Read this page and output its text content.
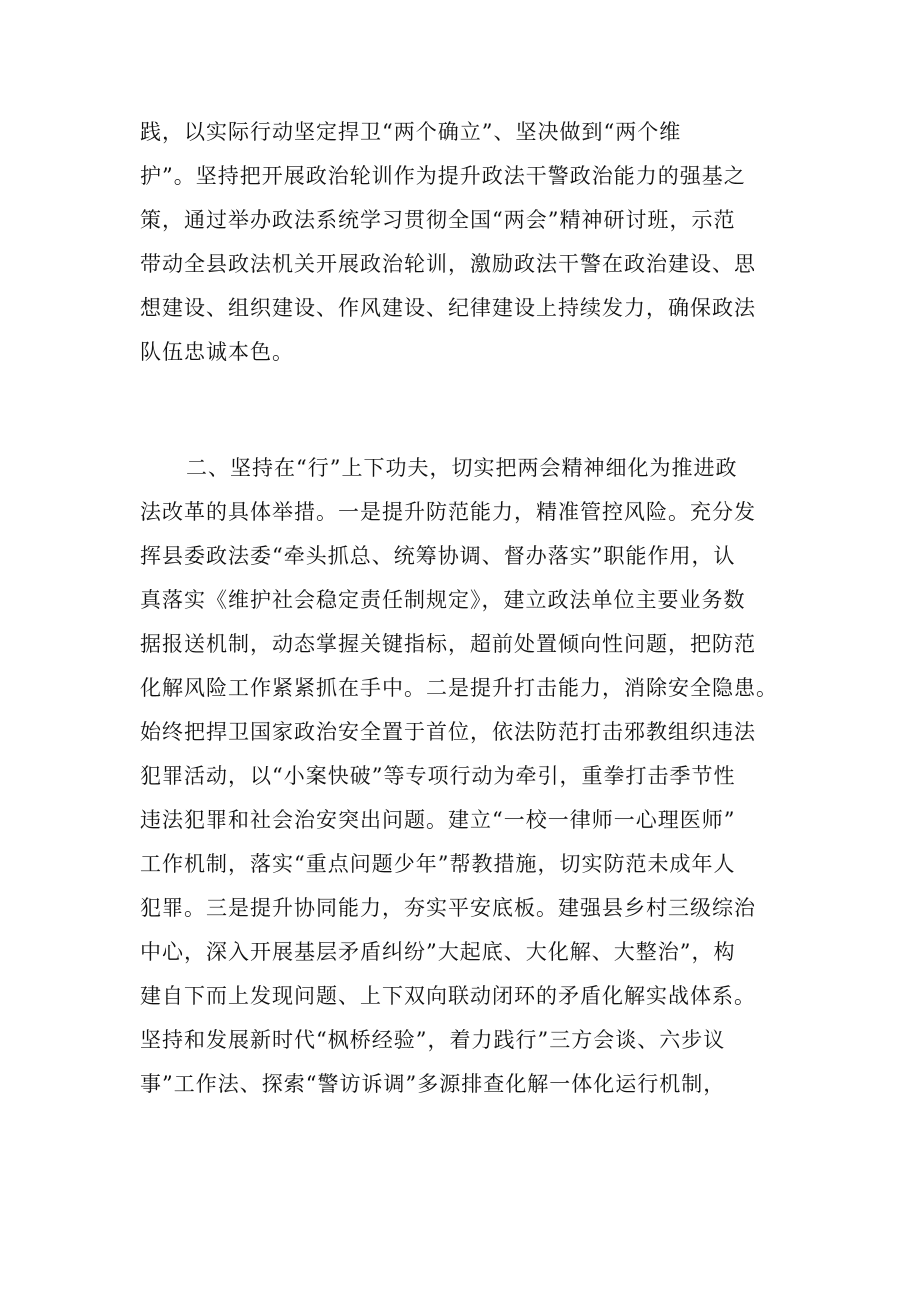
践，以实际行动坚定捍卫“两个确立”、坚决做到“两个维
护”。坚持把开展政治轮训作为提升政法干警政治能力的强基之
策，通过举办政法系统学习贯彻全国“两会”精神研讨班，示范
带动全县政法机关开展政治轮训，激励政法干警在政治建设、思
想建设、组织建设、作风建设、纪律建设上持续发力，确保政法
队伍忠诚本色。
二、坚持在“行”上下功夫，切实把两会精神细化为推进政
法改革的具体举措。一是提升防范能力，精准管控风险。充分发
挥县委政法委“牵头抓总、统筹协调、督办落实”职能作用，认
真落实《维护社会稳定责任制规定》，建立政法单位主要业务数
据报送机制，动态掌握关键指标，超前处置倾向性问题，把防范
化解风险工作紧紧抓在手中。二是提升打击能力，消除安全隐患。
始终把捍卫国家政治安全置于首位，依法防范打击邪教组织违法
犯罪活动，以“小案快破”等专项行动为牵引，重拳打击季节性
违法犯罪和社会治安突出问题。建立“一校一律师一心理医师”
工作机制，落实“重点问题少年”帮教措施，切实防范未成年人
犯罪。三是提升协同能力，夯实平安底板。建强县乡村三级综治
中心，深入开展基层矛盾纠纷”大起底、大化解、大整治”，构
建自下而上发现问题、上下双向联动闭环的矛盾化解实战体系。
坚持和发展新时代“枫桥经验”，着力践行”三方会谈、六步议
事”工作法、探索“警访诉调”多源排查化解一体化运行机制，
